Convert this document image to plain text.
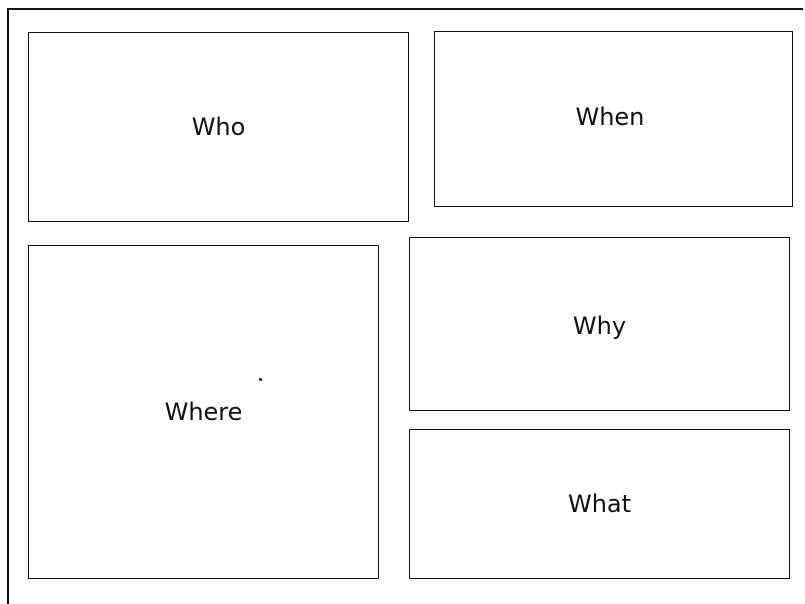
Who	When
Where
Why
What
